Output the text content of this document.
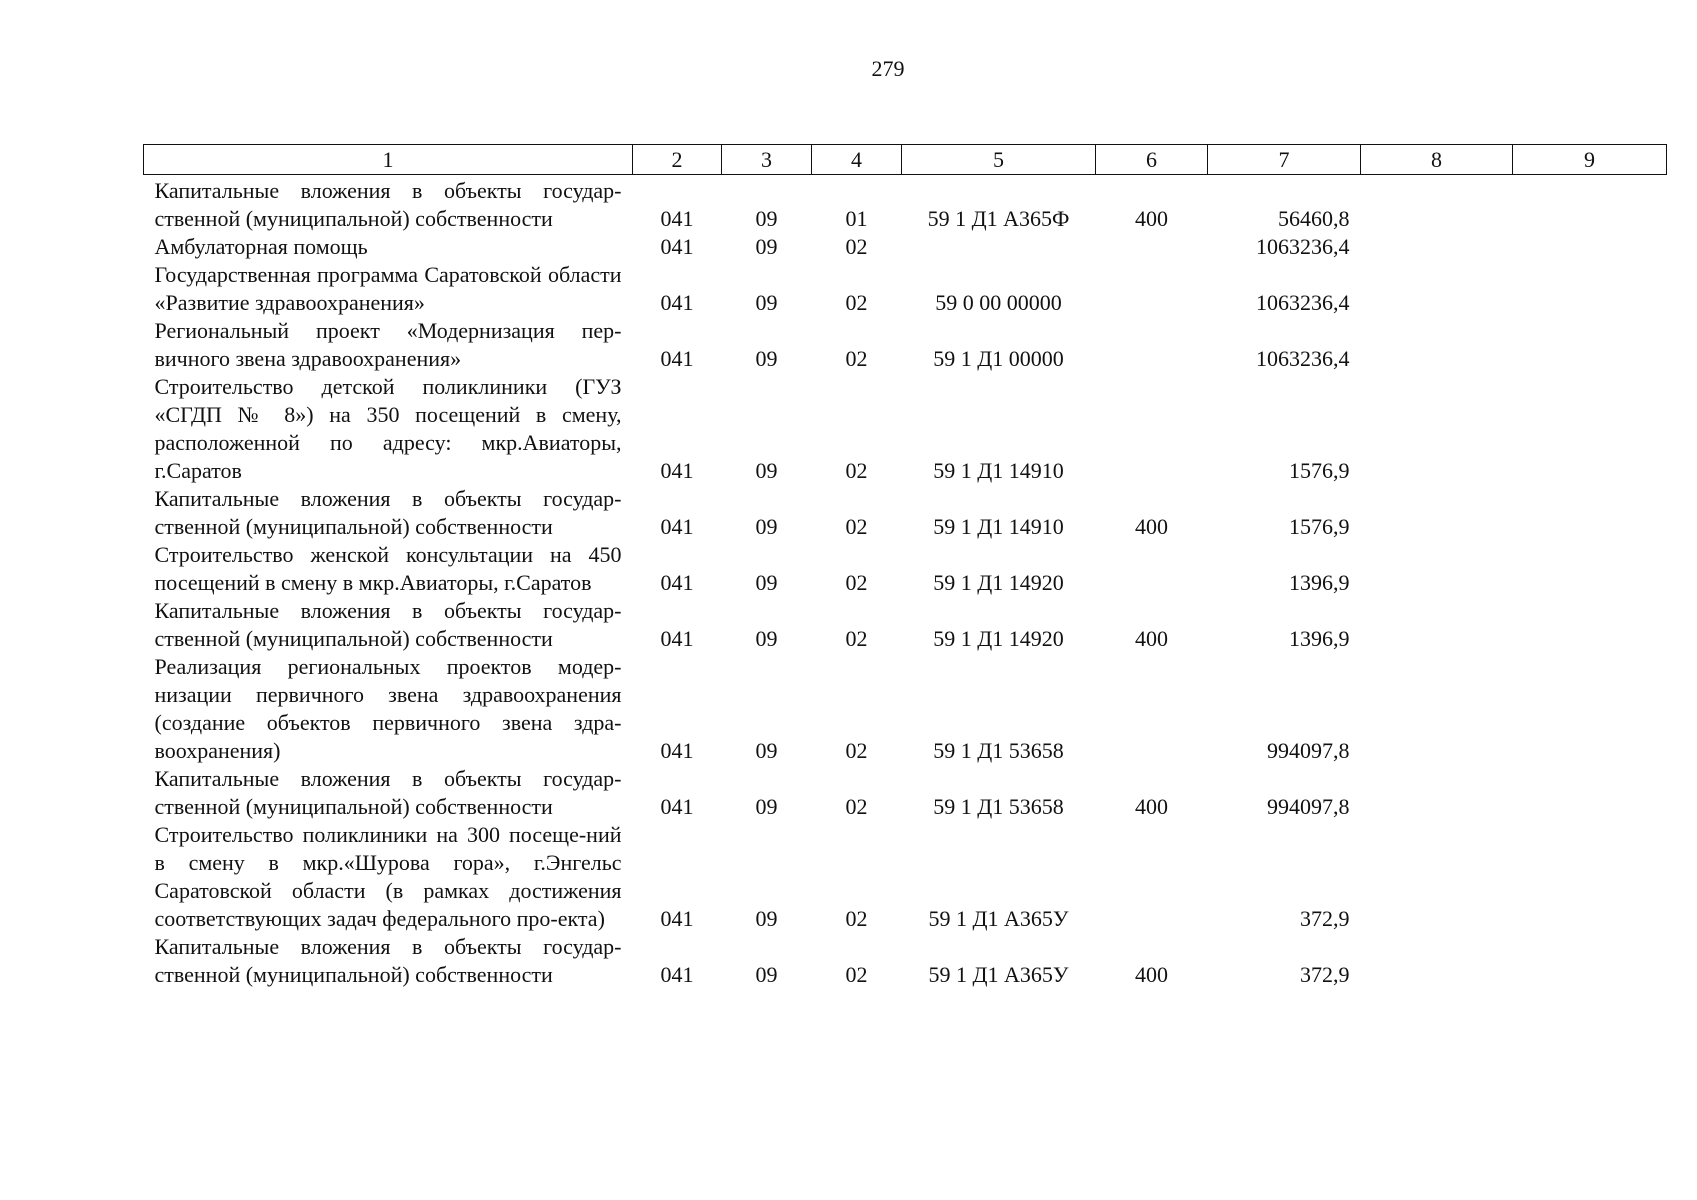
279
1	2	3	4	5	6	7	8	9
Капитальные вложения в объекты государ-ственной (муниципальной) собственности	041	09	01	59 1 Д1 А365Ф	400	56460,8		
Амбулаторная помощь	041	09	02			1063236,4		
Государственная программа Саратовской области «Развитие здравоохранения»	041	09	02	59 0 00 00000		1063236,4		
Региональный проект «Модернизация пер-вичного звена здравоохранения»	041	09	02	59 1 Д1 00000		1063236,4		
Строительство детской поликлиники (ГУЗ «СГДП № 8») на 350 посещений в смену, расположенной по адресу: мкр.Авиаторы, г.Саратов	041	09	02	59 1 Д1 14910		1576,9		
Капитальные вложения в объекты государ-ственной (муниципальной) собственности	041	09	02	59 1 Д1 14910	400	1576,9		
Строительство женской консультации на 450 посещений в смену в мкр.Авиаторы, г.Саратов	041	09	02	59 1 Д1 14920		1396,9		
Капитальные вложения в объекты государ-ственной (муниципальной) собственности	041	09	02	59 1 Д1 14920	400	1396,9		
Реализация региональных проектов модер-низации первичного звена здравоохранения (создание объектов первичного звена здра-воохранения)	041	09	02	59 1 Д1 53658		994097,8		
Капитальные вложения в объекты государ-ственной (муниципальной) собственности	041	09	02	59 1 Д1 53658	400	994097,8		
Строительство поликлиники на 300 посеще-ний в смену в мкр.«Шурова гора», г.Энгельс Саратовской области (в рамках достижения соответствующих задач федерального про-екта)	041	09	02	59 1 Д1 А365У		372,9		
Капитальные вложения в объекты государ-ственной (муниципальной) собственности	041	09	02	59 1 Д1 А365У	400	372,9		
